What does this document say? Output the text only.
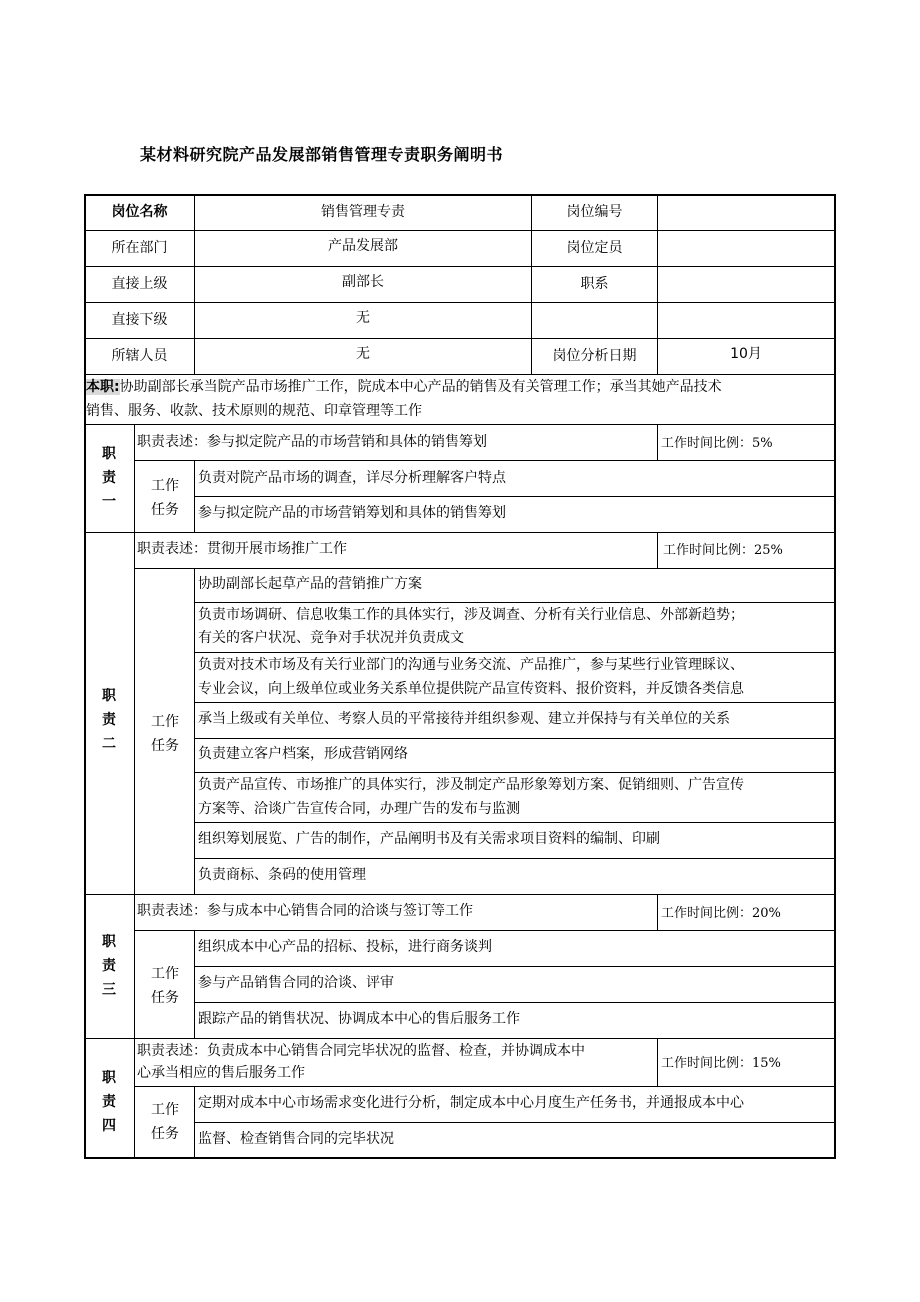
某材料研究院产品发展部销售管理专责职务阐明书
岗位名称	销售管理专责	岗位编号
所在部门	产品发展部	岗位定员
直接上级	副部长	职系
直接下级	无
所辖人员	无	岗位分析日期	10月
本职:协助副部长承当院产品市场推广工作，院成本中心产品的销售及有关管理工作；承当其她产品技术
销售、服务、收款、技术原则的规范、印章管理等工作
职
责
一
职责表述：参与拟定院产品的市场营销和具体的销售筹划	工作时间比例：5%
工作
任务
负责对院产品市场的调查，详尽分析理解客户特点
参与拟定院产品的市场营销筹划和具体的销售筹划
职
责
二
职责表述：贯彻开展市场推广工作	工作时间比例：25%
工作
任务
协助副部长起草产品的营销推广方案
负责市场调研、信息收集工作的具体实行，涉及调查、分析有关行业信息、外部新趋势；
有关的客户状况、竞争对手状况并负责成文
负责对技术市场及有关行业部门的沟通与业务交流、产品推广，参与某些行业管理睬议、
专业会议，向上级单位或业务关系单位提供院产品宣传资料、报价资料，并反馈各类信息
承当上级或有关单位、考察人员的平常接待并组织参观、建立并保持与有关单位的关系
负责建立客户档案，形成营销网络
负责产品宣传、市场推广的具体实行，涉及制定产品形象筹划方案、促销细则、广告宣传
方案等、洽谈广告宣传合同，办理广告的发布与监测
组织筹划展览、广告的制作，产品阐明书及有关需求项目资料的编制、印刷
负责商标、条码的使用管理
职
责
三
职责表述：参与成本中心销售合同的洽谈与签订等工作	工作时间比例：20%
工作
任务
组织成本中心产品的招标、投标，进行商务谈判
参与产品销售合同的洽谈、评审
跟踪产品的销售状况、协调成本中心的售后服务工作
职
责
四
职责表述：负责成本中心销售合同完毕状况的监督、检查，并协调成本中
心承当相应的售后服务工作
工作时间比例：15%
工作
任务
定期对成本中心市场需求变化进行分析，制定成本中心月度生产任务书，并通报成本中心
监督、检查销售合同的完毕状况
